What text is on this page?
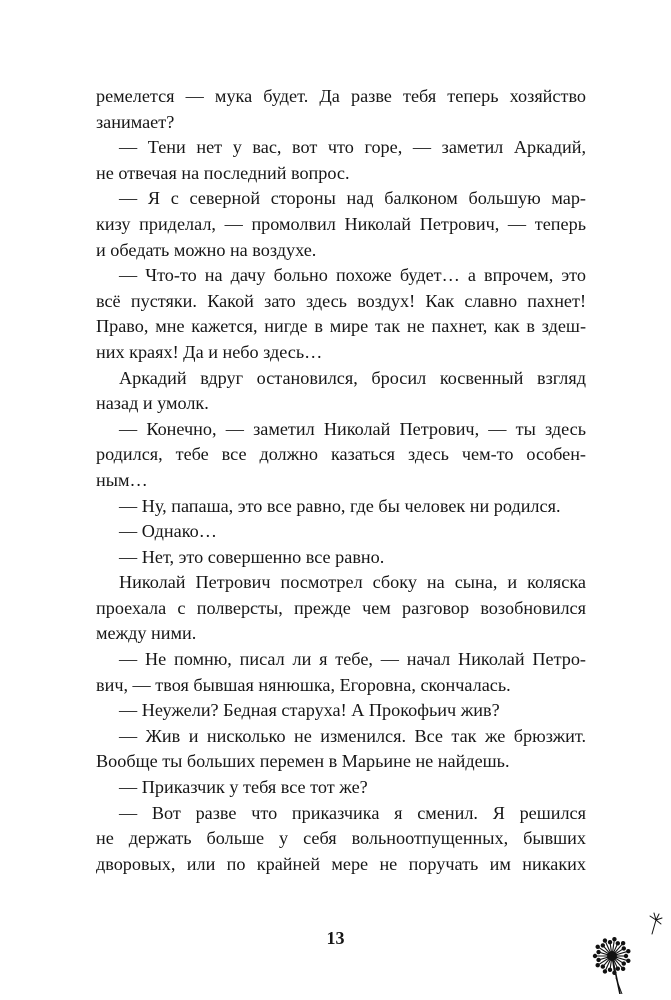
ремелется — мука будет. Да разве тебя теперь хозяйство
занимает?
— Тени нет у вас, вот что горе, — заметил Аркадий,
не отвечая на последний вопрос.
— Я с северной стороны над балконом большую мар-
кизу приделал, — промолвил Николай Петрович, — теперь
и обедать можно на воздухе.
— Что-то на дачу больно похоже будет… а впрочем, это
всё пустяки. Какой зато здесь воздух! Как славно пахнет!
Право, мне кажется, нигде в мире так не пахнет, как в здеш-
них краях! Да и небо здесь…
Аркадий вдруг остановился, бросил косвенный взгляд
назад и умолк.
— Конечно, — заметил Николай Петрович, — ты здесь
родился, тебе все должно казаться здесь чем-то особен-
ным…
— Ну, папаша, это все равно, где бы человек ни родился.
— Однако…
— Нет, это совершенно все равно.
Николай Петрович посмотрел сбоку на сына, и коляска
проехала с полверсты, прежде чем разговор возобновился
между ними.
— Не помню, писал ли я тебе, — начал Николай Петро-
вич, — твоя бывшая нянюшка, Егоровна, скончалась.
— Неужели? Бедная старуха! А Прокофьич жив?
— Жив и нисколько не изменился. Все так же брюзжит.
Вообще ты больших перемен в Марьине не найдешь.
— Приказчик у тебя все тот же?
— Вот разве что приказчика я сменил. Я решился
не держать больше у себя вольноотпущенных, бывших
дворовых, или по крайней мере не поручать им никаких
13
